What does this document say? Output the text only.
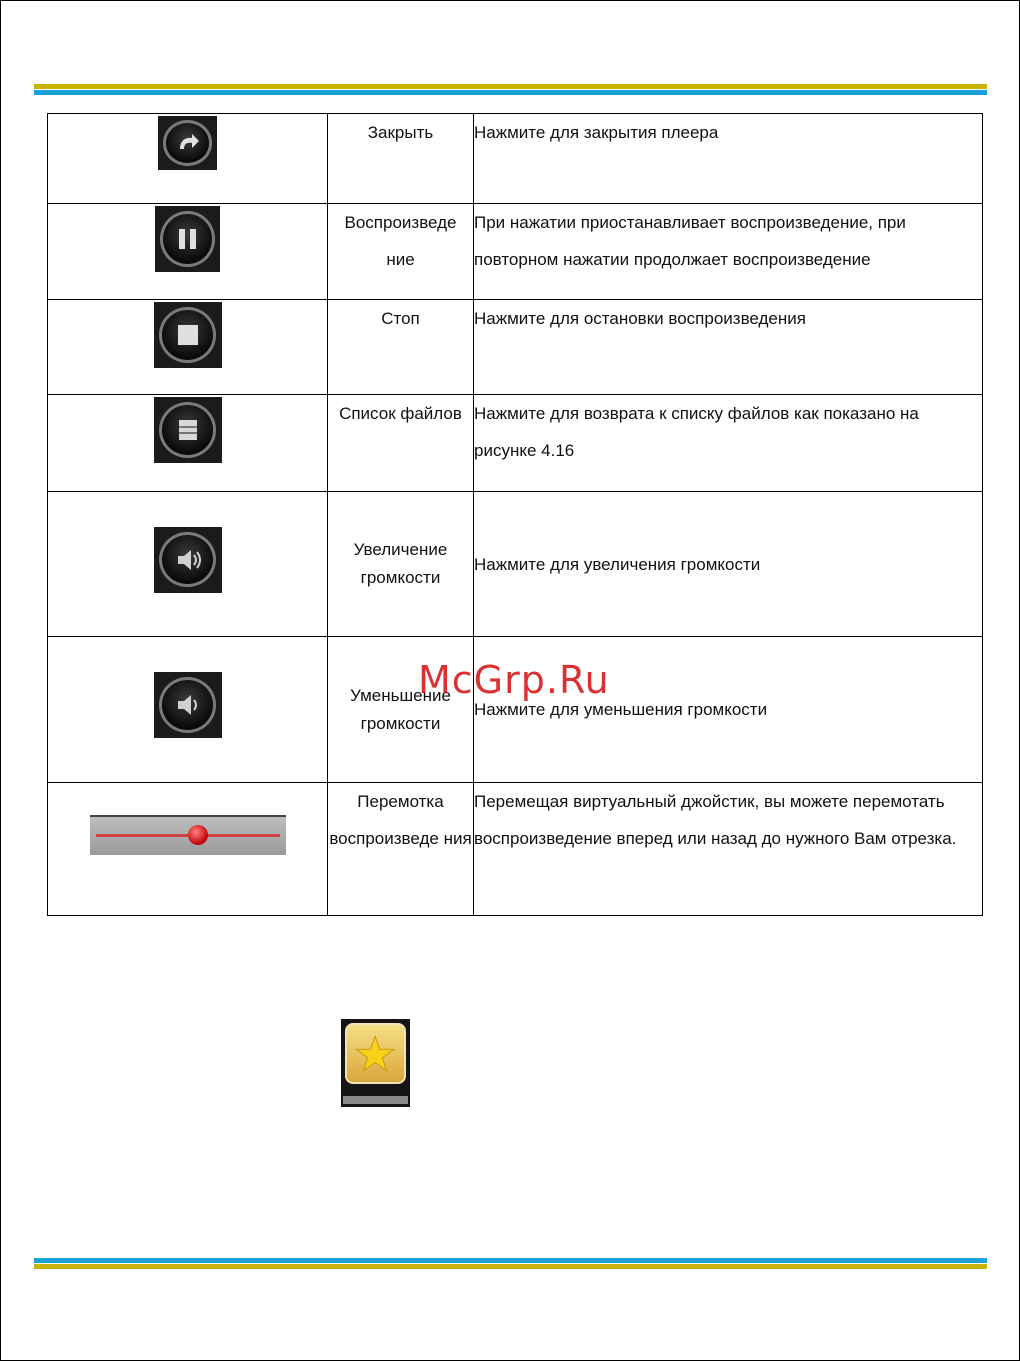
	Закрыть	Нажмите для закрытия плеера

	Воспроизведе ние	При нажатии приостанавливает воспроизведение, при повторном нажатии продолжает воспроизведение

	Стоп	Нажмите для остановки воспроизведения

	Список файлов	Нажмите для возврата к списку файлов как показано на рисунке 4.16

	Увеличение громкости	Нажмите для увеличения громкости

	Уменьшение громкости	Нажмите для уменьшения громкости

	Перемотка воспроизведе ния	Перемещая виртуальный джойстик, вы можете перемотать воспроизведение вперед или назад до нужного Вам отрезка.
McGrp.Ru
